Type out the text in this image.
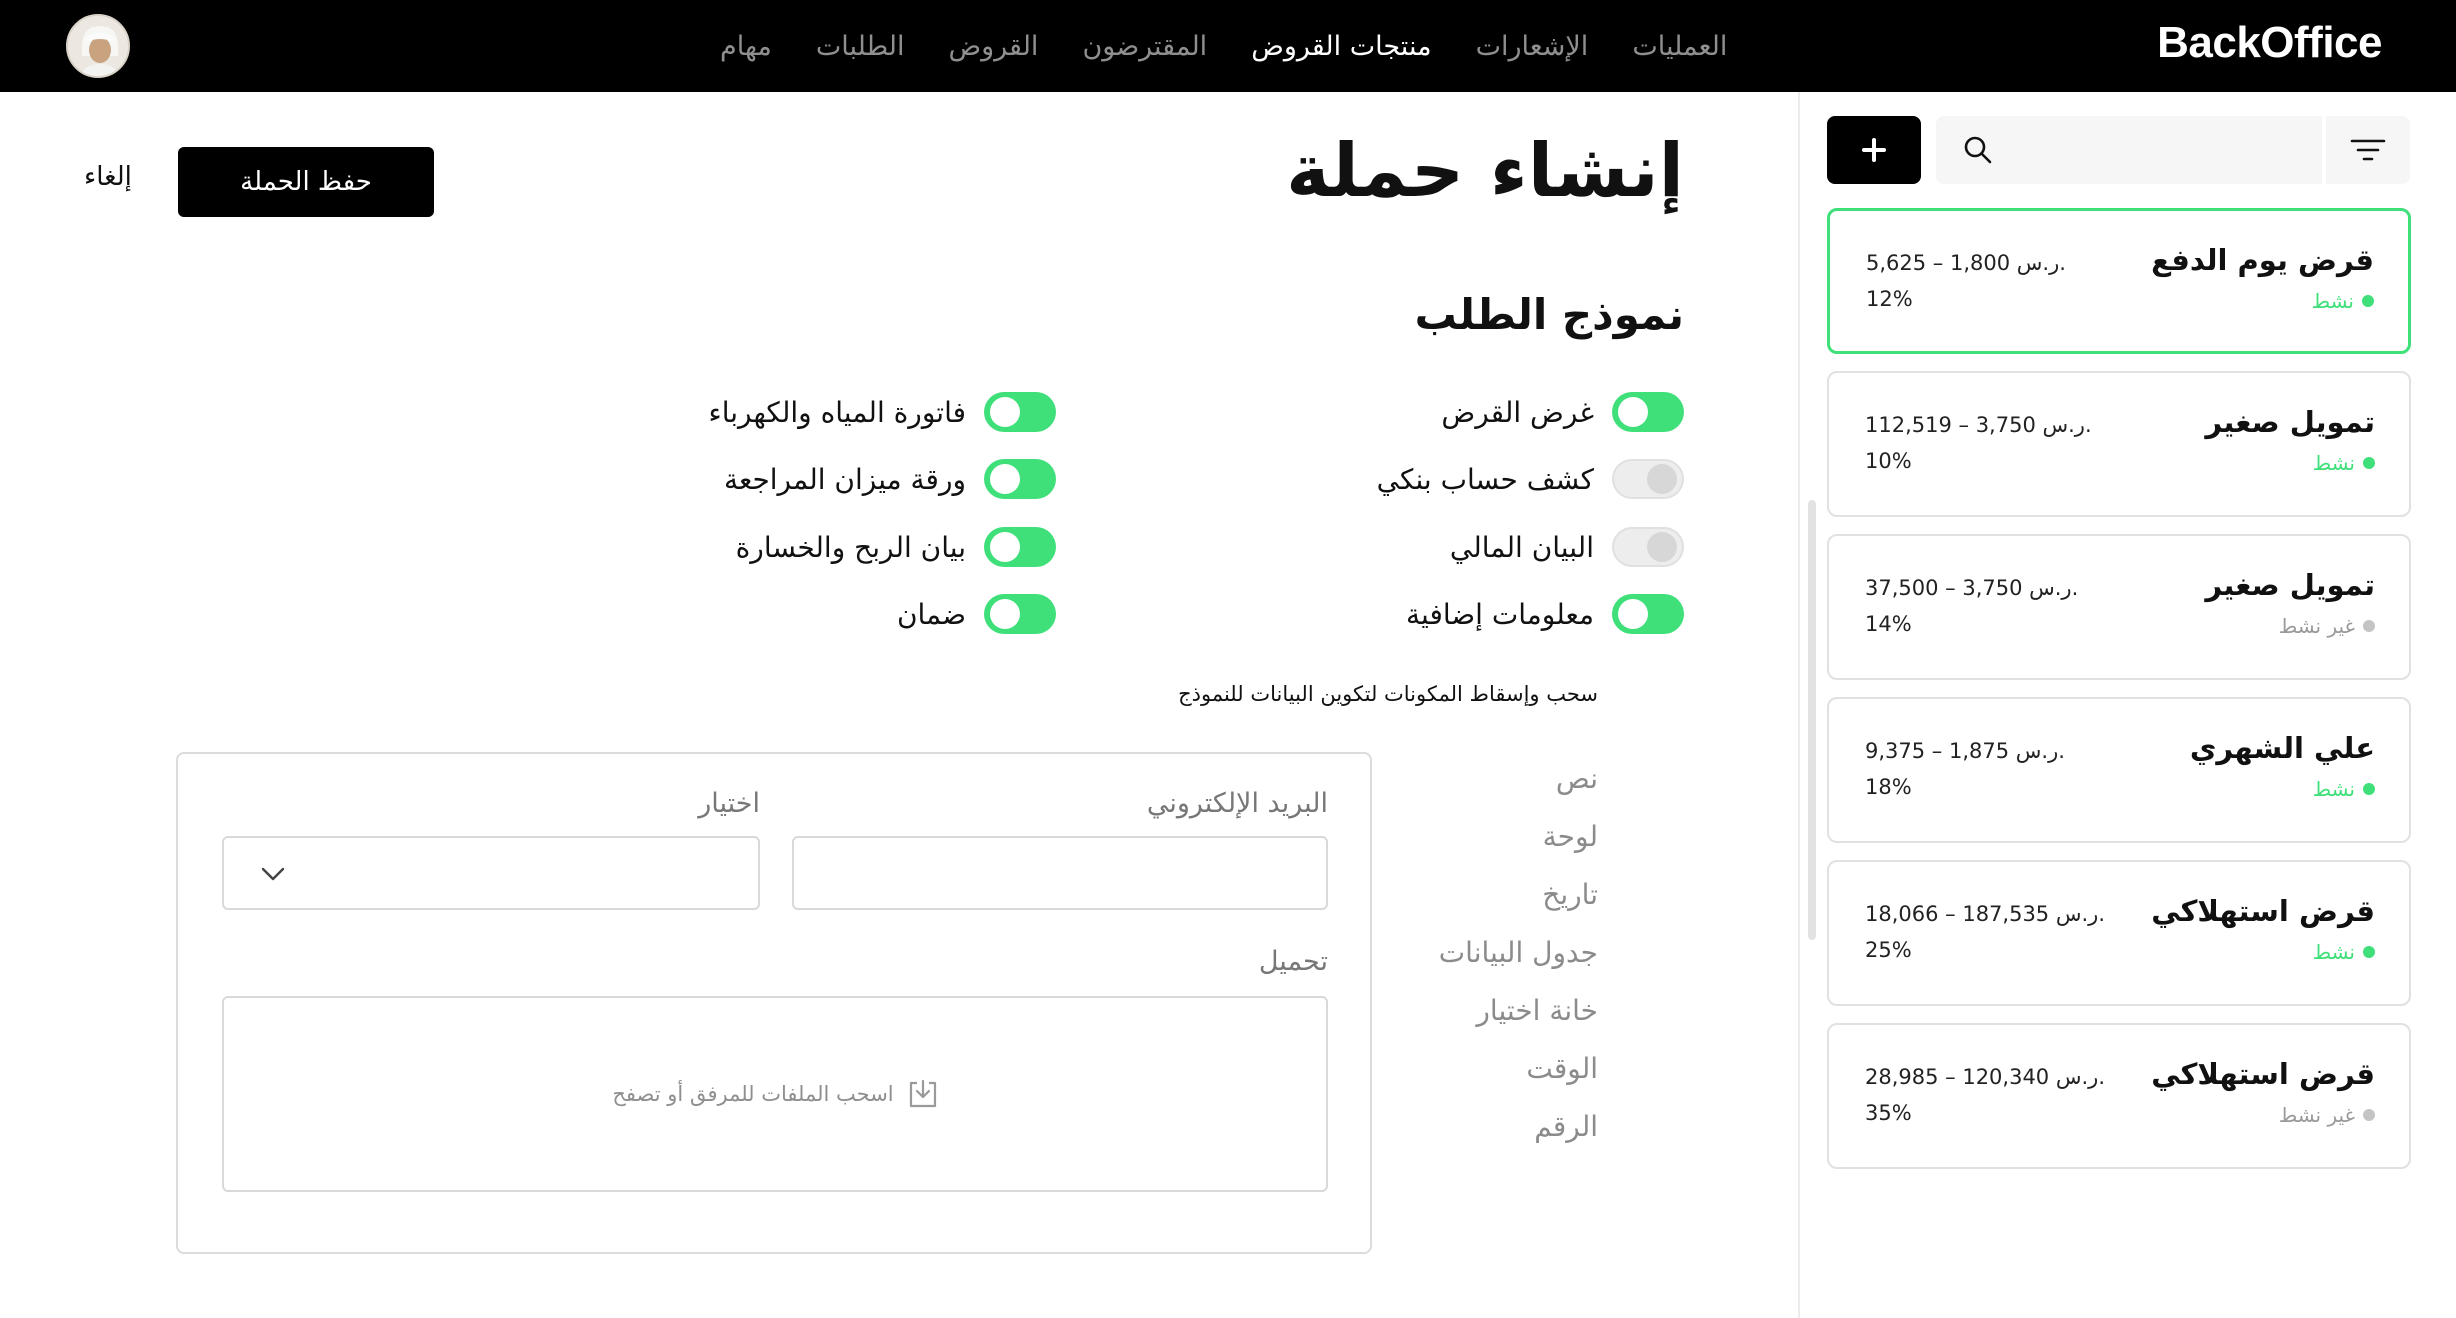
مهام الطلبات القروض المقترضون منتجات القروض الإشعارات العمليات	BackOffice
قرض يوم الدفع
نشط
5,625 – 1,800 ر.س.
12%
تمويل صغير
نشط
112,519 – 3,750 ر.س.
10%
تمويل صغير
غير نشط
37,500 – 3,750 ر.س.
14%
علي الشهري
نشط
9,375 – 1,875 ر.س.
18%
قرض استهلاكي
نشط
18,066 – 187,535 ر.س.
25%
قرض استهلاكي
غير نشط
28,985 – 120,340 ر.س.
35%
إنشاء حملة
حفظ الحملة
إلغاء
نموذج الطلب
غرض القرض
كشف حساب بنكي
البيان المالي
معلومات إضافية
فاتورة المياه والكهرباء
ورقة ميزان المراجعة
بيان الربح والخسارة
ضمان
سحب وإسقاط المكونات لتكوين البيانات للنموذج
نص
لوحة
تاريخ
جدول البيانات
خانة اختيار
الوقت
الرقم
البريد الإلكتروني
اختيار
تحميل
اسحب الملفات للمرفق أو تصفح
